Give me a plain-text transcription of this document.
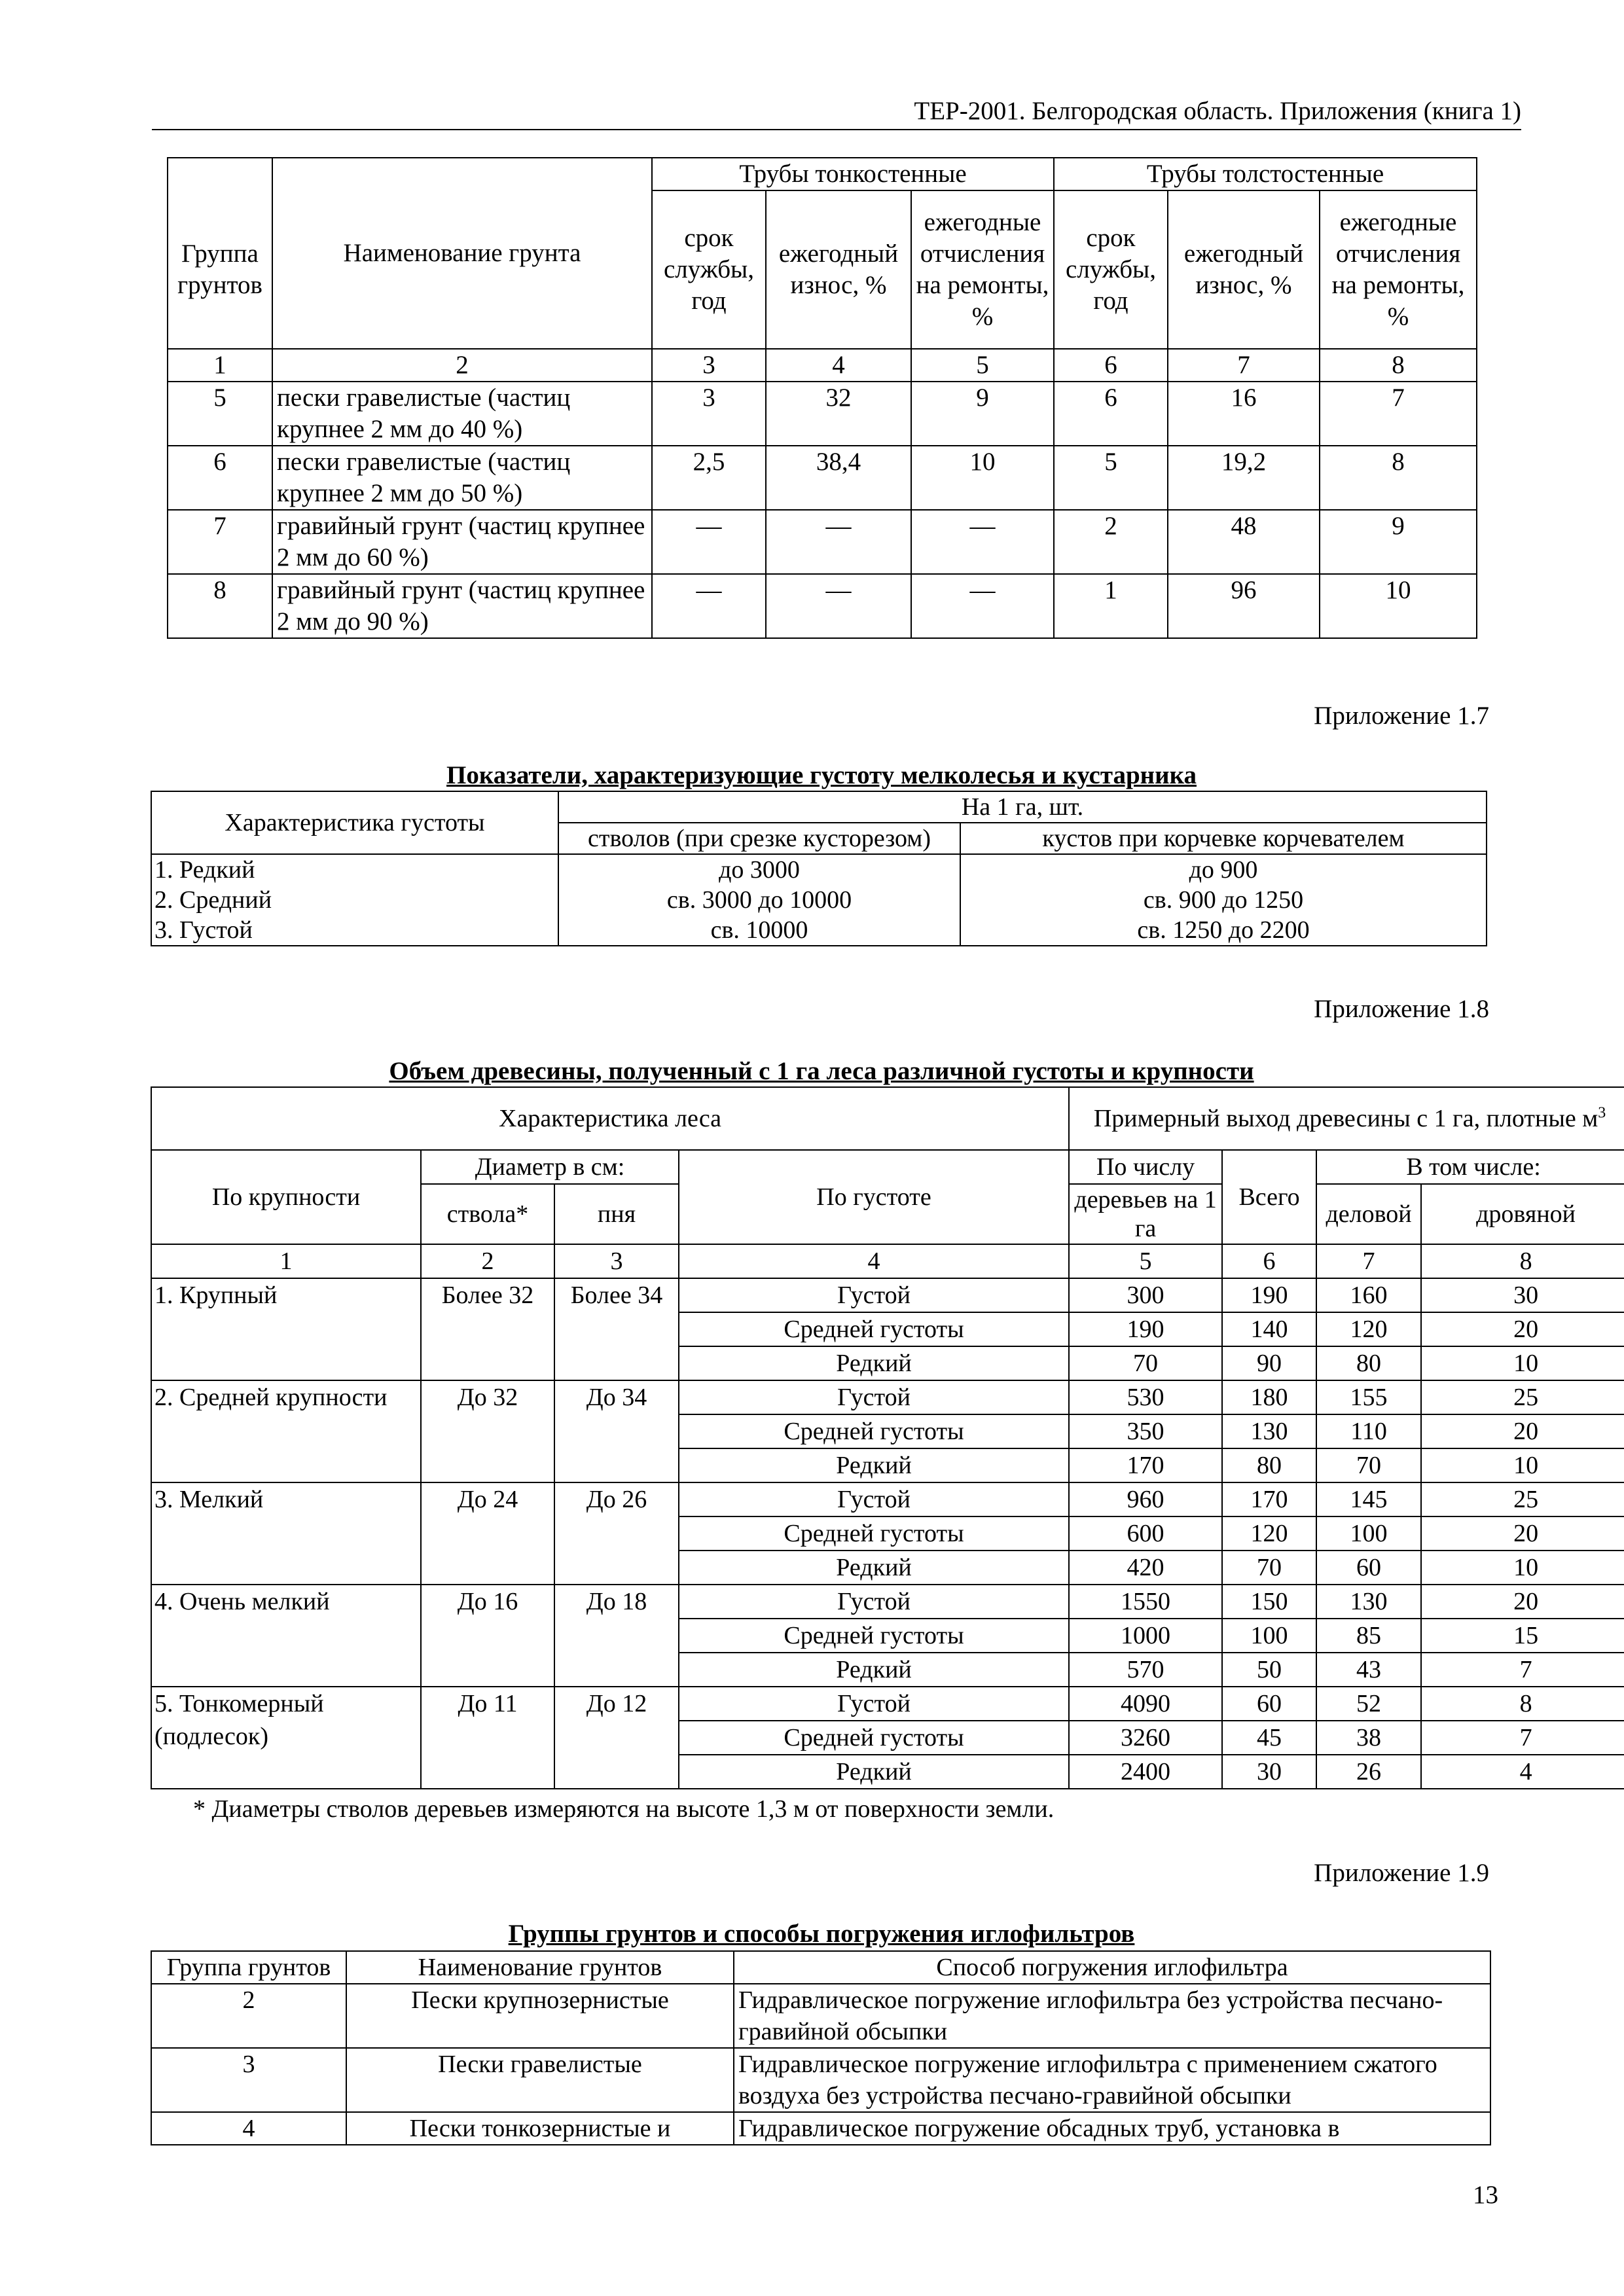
ТЕР-2001. Белгородская область. Приложения (книга 1)
Группа
грунтов	Наименование грунта	Трубы тонкостенные			Трубы толстостенные		
		срок службы, год	ежегодный износ, %	ежегодные отчисления на ремонты, %	срок службы, год	ежегодный износ, %	ежегодные отчисления на ремонты, %
1	2	3	4	5	6	7	8
5	пески гравелистые (частиц крупнее 2 мм до 40 %)	3	32	9	6	16	7
6	пески гравелистые (частиц крупнее 2 мм до 50 %)	2,5	38,4	10	5	19,2	8
7	гравийный грунт (частиц крупнее 2 мм до 60 %)	—	—	—	2	48	9
8	гравийный грунт (частиц крупнее 2 мм до 90 %)	—	—	—	1	96	10
Приложение 1.7
Показатели, характеризующие густоту мелколесья и кустарника
Характеристика густоты	На 1 га, шт.	
	стволов (при срезке кусторезом)	кустов при корчевке корчевателем
1. Редкий	до 3000	до 900
2. Средний	св. 3000 до 10000	св. 900 до 1250
3. Густой	св. 10000	св. 1250 до 2200
Приложение 1.8
Объем древесины, полученный с 1 га леса различной густоты и крупности
Характеристика леса				Примерный выход древесины с 1 га, плотные $м^3$
По крупности	Диаметр в см:		По густоте	По числу	Всего	В том числе:	
	ствола*	пня		деревьев на 1 га		деловой	дровяной
1	2	3	4	5	6	7	8
1. Крупный	Более 32	Более 34	Густой	300	190	160	30
			Средней густоты	190	140	120	20
			Редкий	70	90	80	10
2. Средней крупности	До 32	До 34	Густой	530	180	155	25
			Средней густоты	350	130	110	20
			Редкий	170	80	70	10
3. Мелкий	До 24	До 26	Густой	960	170	145	25
			Средней густоты	600	120	100	20
			Редкий	420	70	60	10
4. Очень мелкий	До 16	До 18	Густой	1550	150	130	20
			Средней густоты	1000	100	85	15
			Редкий	570	50	43	7
5. Тонкомерный (подлесок)	До 11	До 12	Густой	4090	60	52	8
			Средней густоты	3260	45	38	7
			Редкий	2400	30	26	4
* Диаметры стволов деревьев измеряются на высоте 1,3 м от поверхности земли.
Приложение 1.9
Группы грунтов и способы погружения иглофильтров
Группа грунтов	Наименование грунтов	Способ погружения иглофильтра
2	Пески крупнозернистые	Гидравлическое погружение иглофильтра без устройства песчано-гравийной обсыпки
3	Пески гравелистые	Гидравлическое погружение иглофильтра с применением сжатого воздуха без устройства песчано-гравийной обсыпки
4	Пески тонкозернистые и	Гидравлическое погружение обсадных труб, установка в
13
